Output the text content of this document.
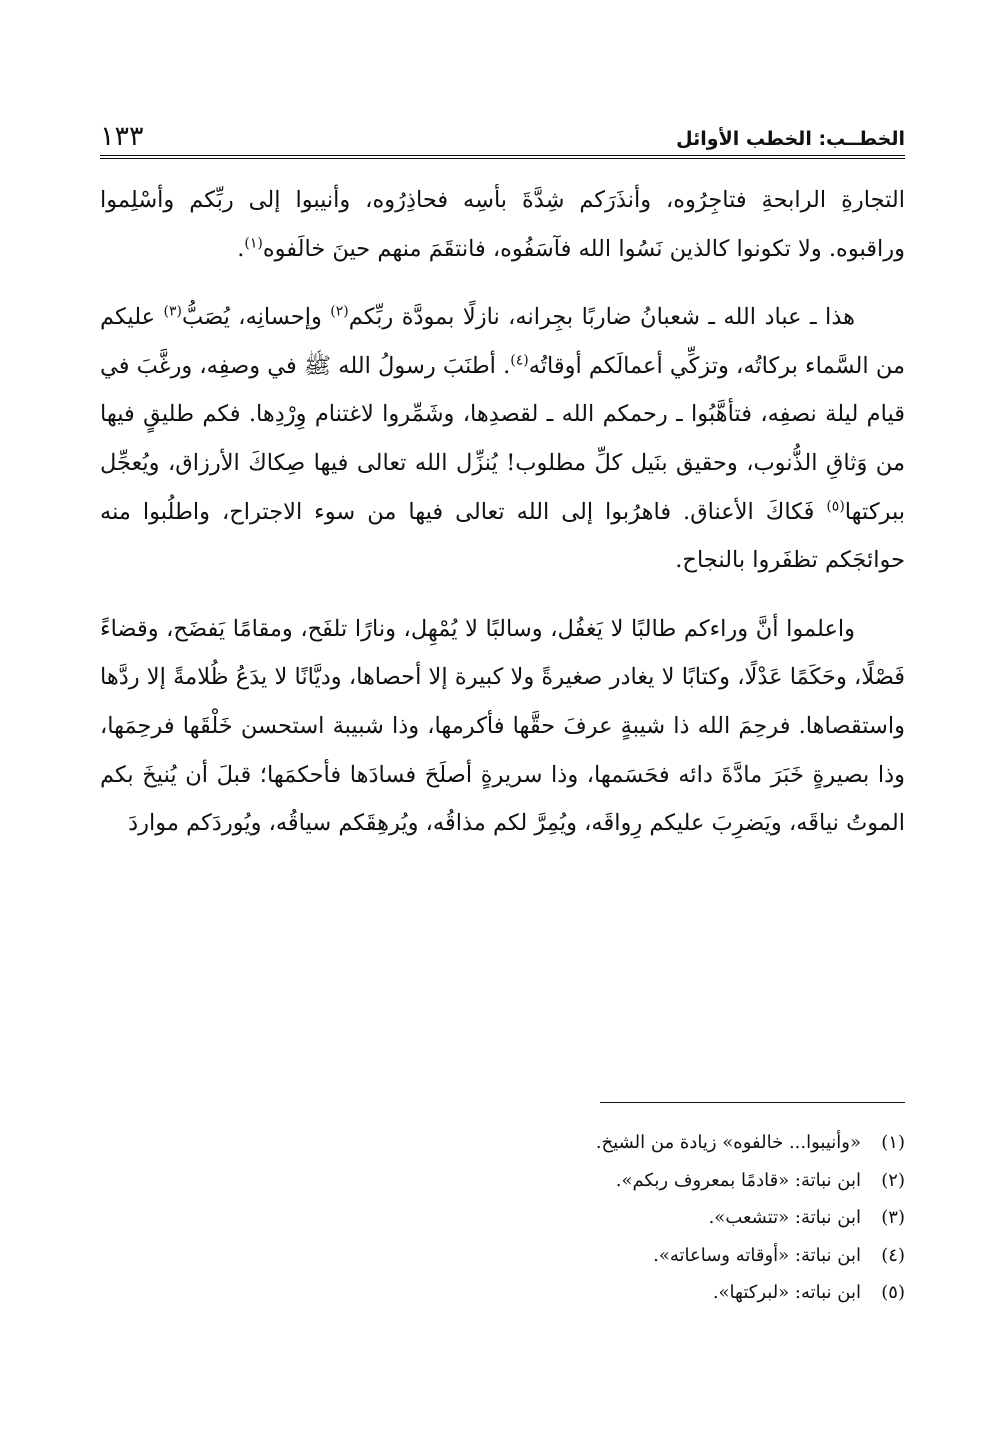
الخطــب: الخطب الأوائل
١٣٣

التجارةِ الرابحةِ فتاجِرُوه، وأنذَرَكم شِدَّةَ بأسِه فحاذِرُوه، وأنيبوا إلى ربِّكم وأسْلِموا وراقبوه. ولا تكونوا كالذين نَسُوا الله فآسَفُوه، فانتقَمَ منهم حينَ خالَفوه$^{(١)}$.

هذا ـ عباد الله ـ شعبانُ ضاربًا بجِرانه، نازلًا بمودَّة ربِّكم$^{(٢)}$ وإحسانِه، يُصَبُّ$^{(٣)}$ عليكم من السَّماء بركاتُه، وتزكِّي أعمالَكم أوقاتُه$^{(٤)}$. أطنَبَ رسولُ الله ﷺ في وصفِه، ورغَّبَ في قيام ليلة نصفِه، فتأهَّبُوا ـ رحمكم الله ـ لقصدِها، وشَمِّروا لاغتنام وِرْدِها. فكم طليقٍ فيها من وَثاقِ الذُّنوب، وحقيق بنَيل كلِّ مطلوب! يُنزِّل الله تعالى فيها صِكاكَ الأرزاق، ويُعجِّل ببركتها$^{(٥)}$ فَكاكَ الأعناق. فاهرُبوا إلى الله تعالى فيها من سوء الاجتراح، واطلُبوا منه حوائجَكم تظفَروا بالنجاح.

واعلموا أنَّ وراءكم طالبًا لا يَغفُل، وسالبًا لا يُمْهِل، ونارًا تلفَح، ومقامًا يَفضَح، وقضاءً فَصْلًا، وحَكَمًا عَدْلًا، وكتابًا لا يغادر صغيرةً ولا كبيرة إلا أحصاها، وديَّانًا لا يدَعُ ظُلامةً إلا ردَّها واستقصاها. فرحِمَ الله ذا شيبةٍ عرفَ حقَّها فأكرمها، وذا شبيبة استحسن خَلْقَها فرحِمَها، وذا بصيرةٍ خَبَرَ مادَّةَ دائه فحَسَمها، وذا سريرةٍ أصلَحَ فسادَها فأحكمَها؛ قبلَ أن يُنيخَ بكم الموتُ نياقَه، ويَضرِبَ عليكم رِواقَه، ويُمِرَّ لكم مذاقُه، ويُرهِقَكم سياقُه، ويُوردَكم مواردَ

(١)
«وأنيبوا... خالفوه» زيادة من الشيخ.
(٢)
ابن نباتة: «قادمًا بمعروف ربكم».
(٣)
ابن نباتة: «تتشعب».
(٤)
ابن نباتة: «أوقاته وساعاته».
(٥)
ابن نباته: «لبركتها».
